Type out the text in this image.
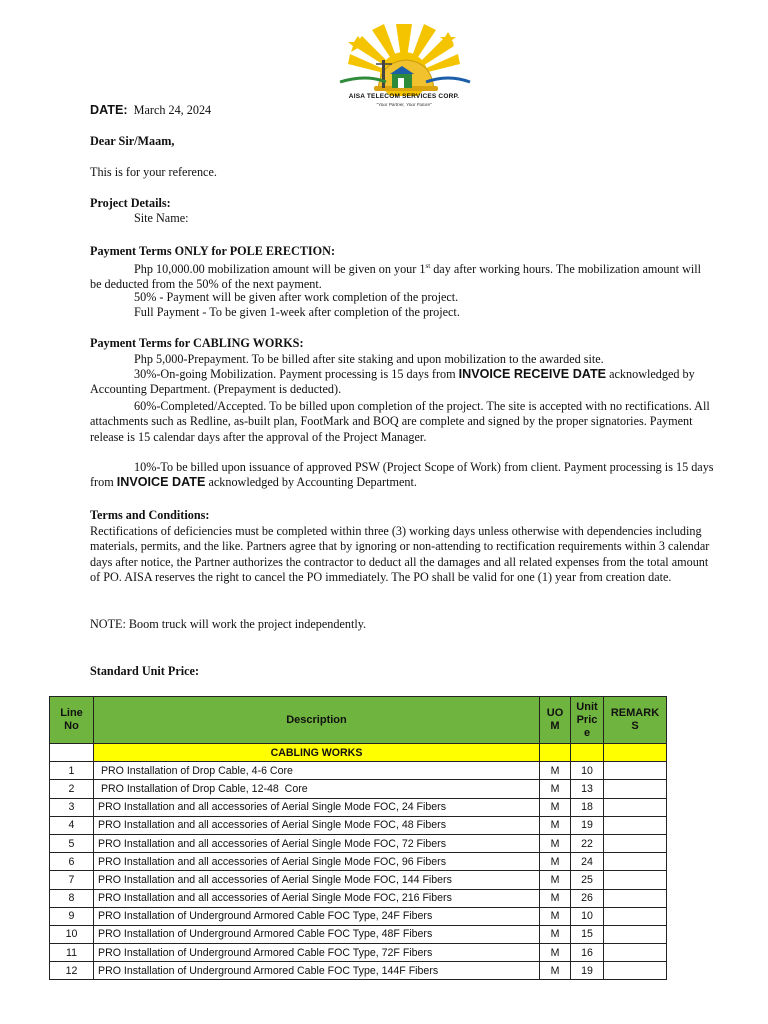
AISA TELECOM SERVICES CORP.
"Your Partner, Your Future"

DATE: March 24, 2024

Dear Sir/Maam,

This is for your reference.

Project Details:

Site Name:

Payment Terms ONLY for POLE ERECTION:

Php 10,000.00 mobilization amount will be given on your 1st day after working hours. The mobilization amount will be deducted from the 50% of the next payment.

50% - Payment will be given after work completion of the project.

Full Payment - To be given 1-week after completion of the project.

Payment Terms for CABLING WORKS:

Php 5,000-Prepayment. To be billed after site staking and upon mobilization to the awarded site.

30%-On-going Mobilization. Payment processing is 15 days from INVOICE RECEIVE DATE acknowledged by Accounting Department. (Prepayment is deducted).

60%-Completed/Accepted. To be billed upon completion of the project. The site is accepted with no rectifications. All attachments such as Redline, as-built plan, FootMark and BOQ are complete and signed by the proper signatories. Payment release is 15 calendar days after the approval of the Project Manager.

10%-To be billed upon issuance of approved PSW (Project Scope of Work) from client. Payment processing is 15 days from INVOICE DATE acknowledged by Accounting Department.

Terms and Conditions:

Rectifications of deficiencies must be completed within three (3) working days unless otherwise with dependencies including materials, permits, and the like. Partners agree that by ignoring or non-attending to rectification requirements within 3 calendar days after notice, the Partner authorizes the contractor to deduct all the damages and all related expenses from the total amount of PO. AISA reserves the right to cancel the PO immediately. The PO shall be valid for one (1) year from creation date.

NOTE: Boom truck will work the project independently.

Standard Unit Price:

Line No	Description	UOM	Unit Price	REMARKS
	CABLING WORKS			
1	PRO Installation of Drop Cable, 4-6 Core	M	10	
2	PRO Installation of Drop Cable, 12-48  Core	M	13	
3	PRO Installation and all accessories of Aerial Single Mode FOC, 24 Fibers	M	18	
4	PRO Installation and all accessories of Aerial Single Mode FOC, 48 Fibers	M	19	
5	PRO Installation and all accessories of Aerial Single Mode FOC, 72 Fibers	M	22	
6	PRO Installation and all accessories of Aerial Single Mode FOC, 96 Fibers	M	24	
7	PRO Installation and all accessories of Aerial Single Mode FOC, 144 Fibers	M	25	
8	PRO Installation and all accessories of Aerial Single Mode FOC, 216 Fibers	M	26	
9	PRO Installation of Underground Armored Cable FOC Type, 24F Fibers	M	10	
10	PRO Installation of Underground Armored Cable FOC Type, 48F Fibers	M	15	
11	PRO Installation of Underground Armored Cable FOC Type, 72F Fibers	M	16	
12	PRO Installation of Underground Armored Cable FOC Type, 144F Fibers	M	19	
